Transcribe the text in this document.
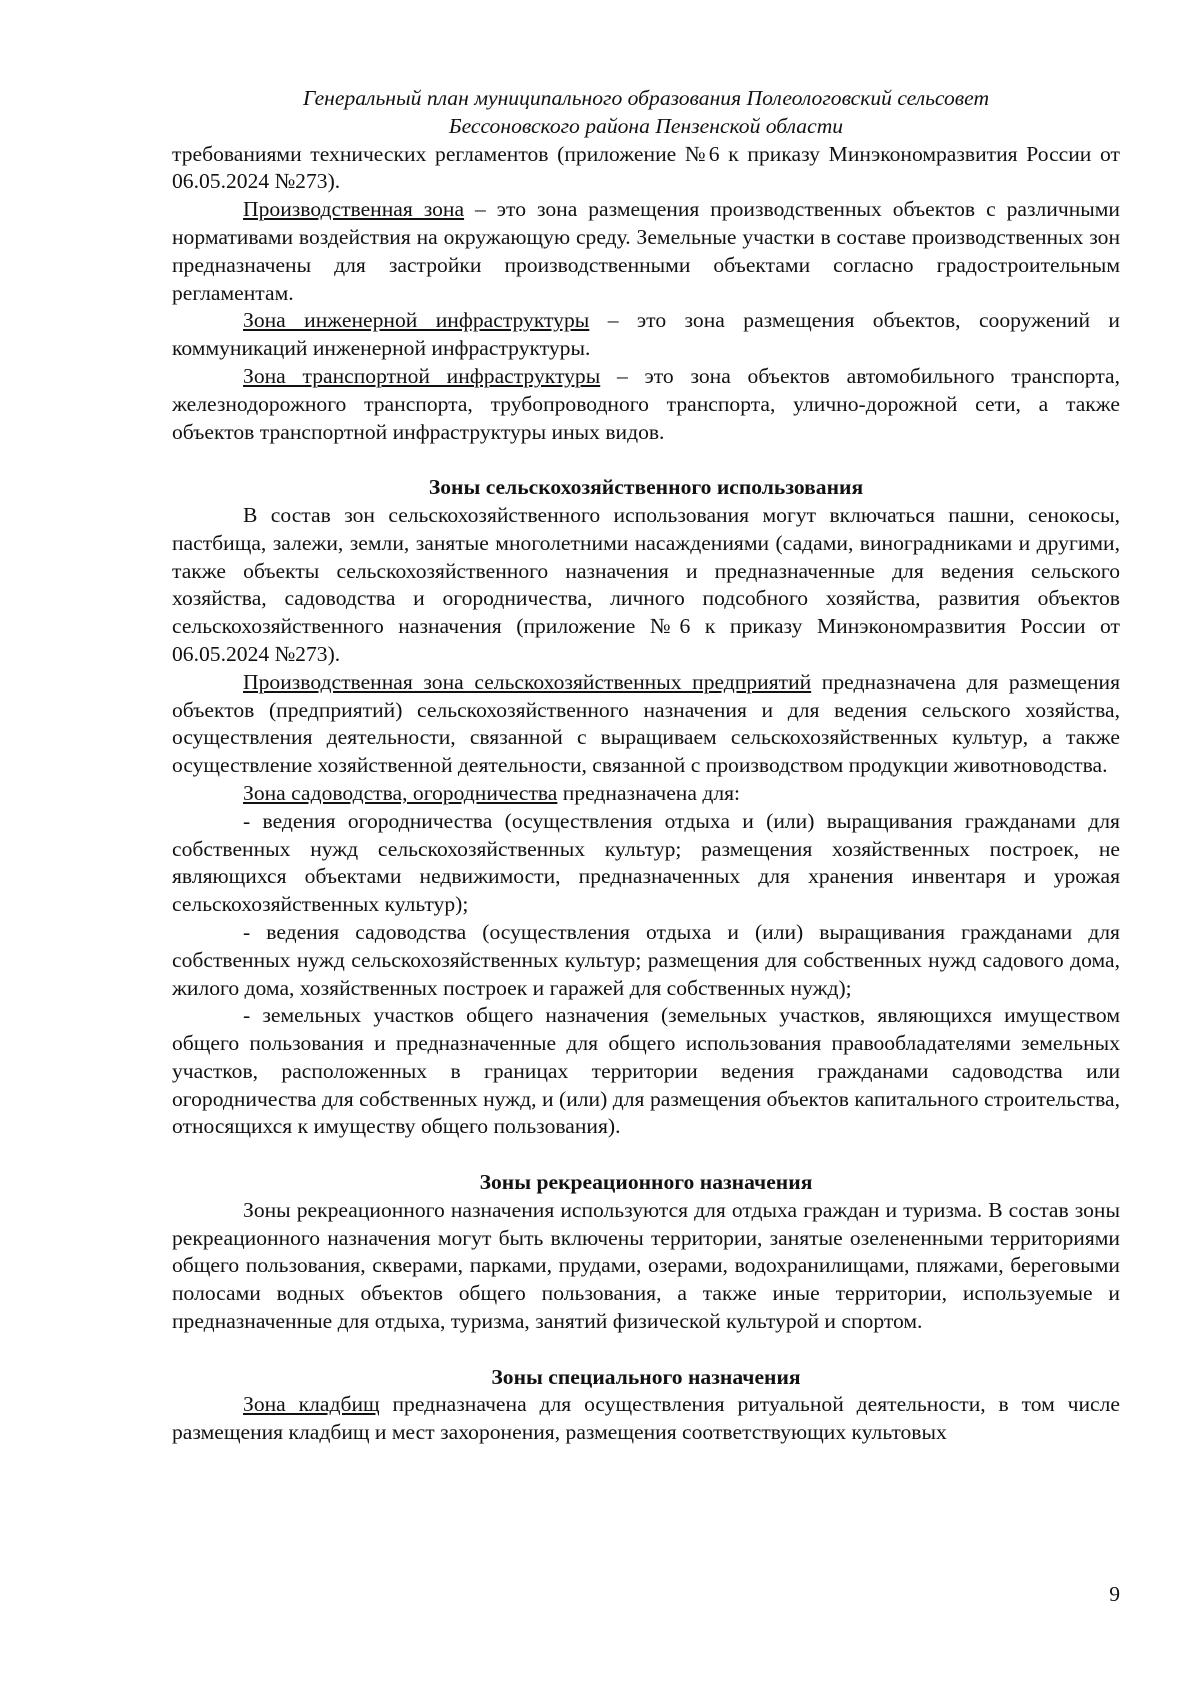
Генеральный план муниципального образования Полеологовский сельсовет
Бессоновского района Пензенской области

требованиями технических регламентов (приложение №6 к приказу Минэкономразвития России от 06.05.2024 №273).

Производственная зона – это зона размещения производственных объектов с различными нормативами воздействия на окружающую среду. Земельные участки в составе производственных зон предназначены для застройки производственными объектами согласно градостроительным регламентам.

Зона инженерной инфраструктуры – это зона размещения объектов, сооружений и коммуникаций инженерной инфраструктуры.

Зона транспортной инфраструктуры – это зона объектов автомобильного транспорта, железнодорожного транспорта, трубопроводного транспорта, улично-дорожной сети, а также объектов транспортной инфраструктуры иных видов.

Зоны сельскохозяйственного использования

В состав зон сельскохозяйственного использования могут включаться пашни, сенокосы, пастбища, залежи, земли, занятые многолетними насаждениями (садами, виноградниками и другими, также объекты сельскохозяйственного назначения и предназначенные для ведения сельского хозяйства, садоводства и огородничества, личного подсобного хозяйства, развития объектов сельскохозяйственного назначения (приложение №6 к приказу Минэкономразвития России от 06.05.2024 №273).

Производственная зона сельскохозяйственных предприятий предназначена для размещения объектов (предприятий) сельскохозяйственного назначения и для ведения сельского хозяйства, осуществления деятельности, связанной с выращиваем сельскохозяйственных культур, а также осуществление хозяйственной деятельности, связанной с производством продукции животноводства.

Зона садоводства, огородничества предназначена для:

- ведения огородничества (осуществления отдыха и (или) выращивания гражданами для собственных нужд сельскохозяйственных культур; размещения хозяйственных построек, не являющихся объектами недвижимости, предназначенных для хранения инвентаря и урожая сельскохозяйственных культур);

- ведения садоводства (осуществления отдыха и (или) выращивания гражданами для собственных нужд сельскохозяйственных культур; размещения для собственных нужд садового дома, жилого дома, хозяйственных построек и гаражей для собственных нужд);

- земельных участков общего назначения (земельных участков, являющихся имуществом общего пользования и предназначенные для общего использования правообладателями земельных участков, расположенных в границах территории ведения гражданами садоводства или огородничества для собственных нужд, и (или) для размещения объектов капитального строительства, относящихся к имуществу общего пользования).

Зоны рекреационного назначения

Зоны рекреационного назначения используются для отдыха граждан и туризма. В состав зоны рекреационного назначения могут быть включены территории, занятые озелененными территориями общего пользования, скверами, парками, прудами, озерами, водохранилищами, пляжами, береговыми полосами водных объектов общего пользования, а также иные территории, используемые и предназначенные для отдыха, туризма, занятий физической культурой и спортом.

Зоны специального назначения

Зона кладбищ предназначена для осуществления ритуальной деятельности, в том числе размещения кладбищ и мест захоронения, размещения соответствующих культовых

9
